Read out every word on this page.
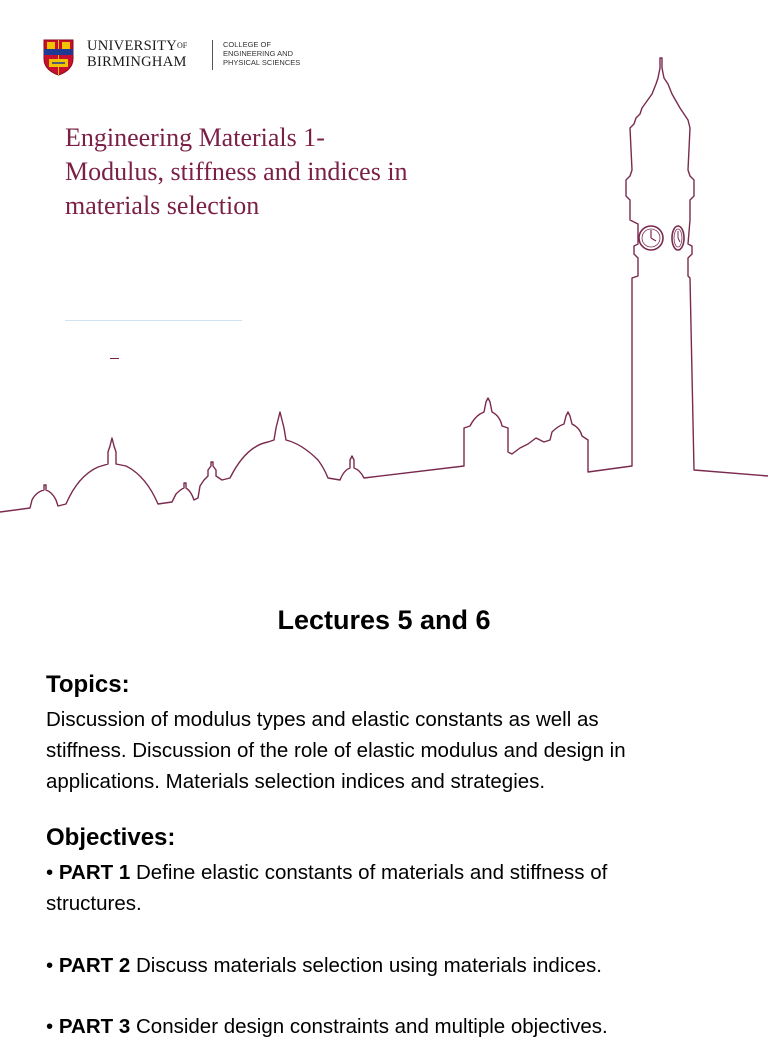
$UNIVERSITY^{OF}$
BIRMINGHAM
COLLEGE OF
ENGINEERING AND
PHYSICAL SCIENCES
Engineering Materials 1-
Modulus, stiffness and indices in
materials selection
Lectures 5 and 6
Topics:
Discussion of modulus types and elastic constants as well as
stiffness. Discussion of the role of elastic modulus and design in
applications. Materials selection indices and strategies.
Objectives:
• PART 1 Define elastic constants of materials and stiffness of
structures.
• PART 2 Discuss materials selection using materials indices.
• PART 3 Consider design constraints and multiple objectives.
